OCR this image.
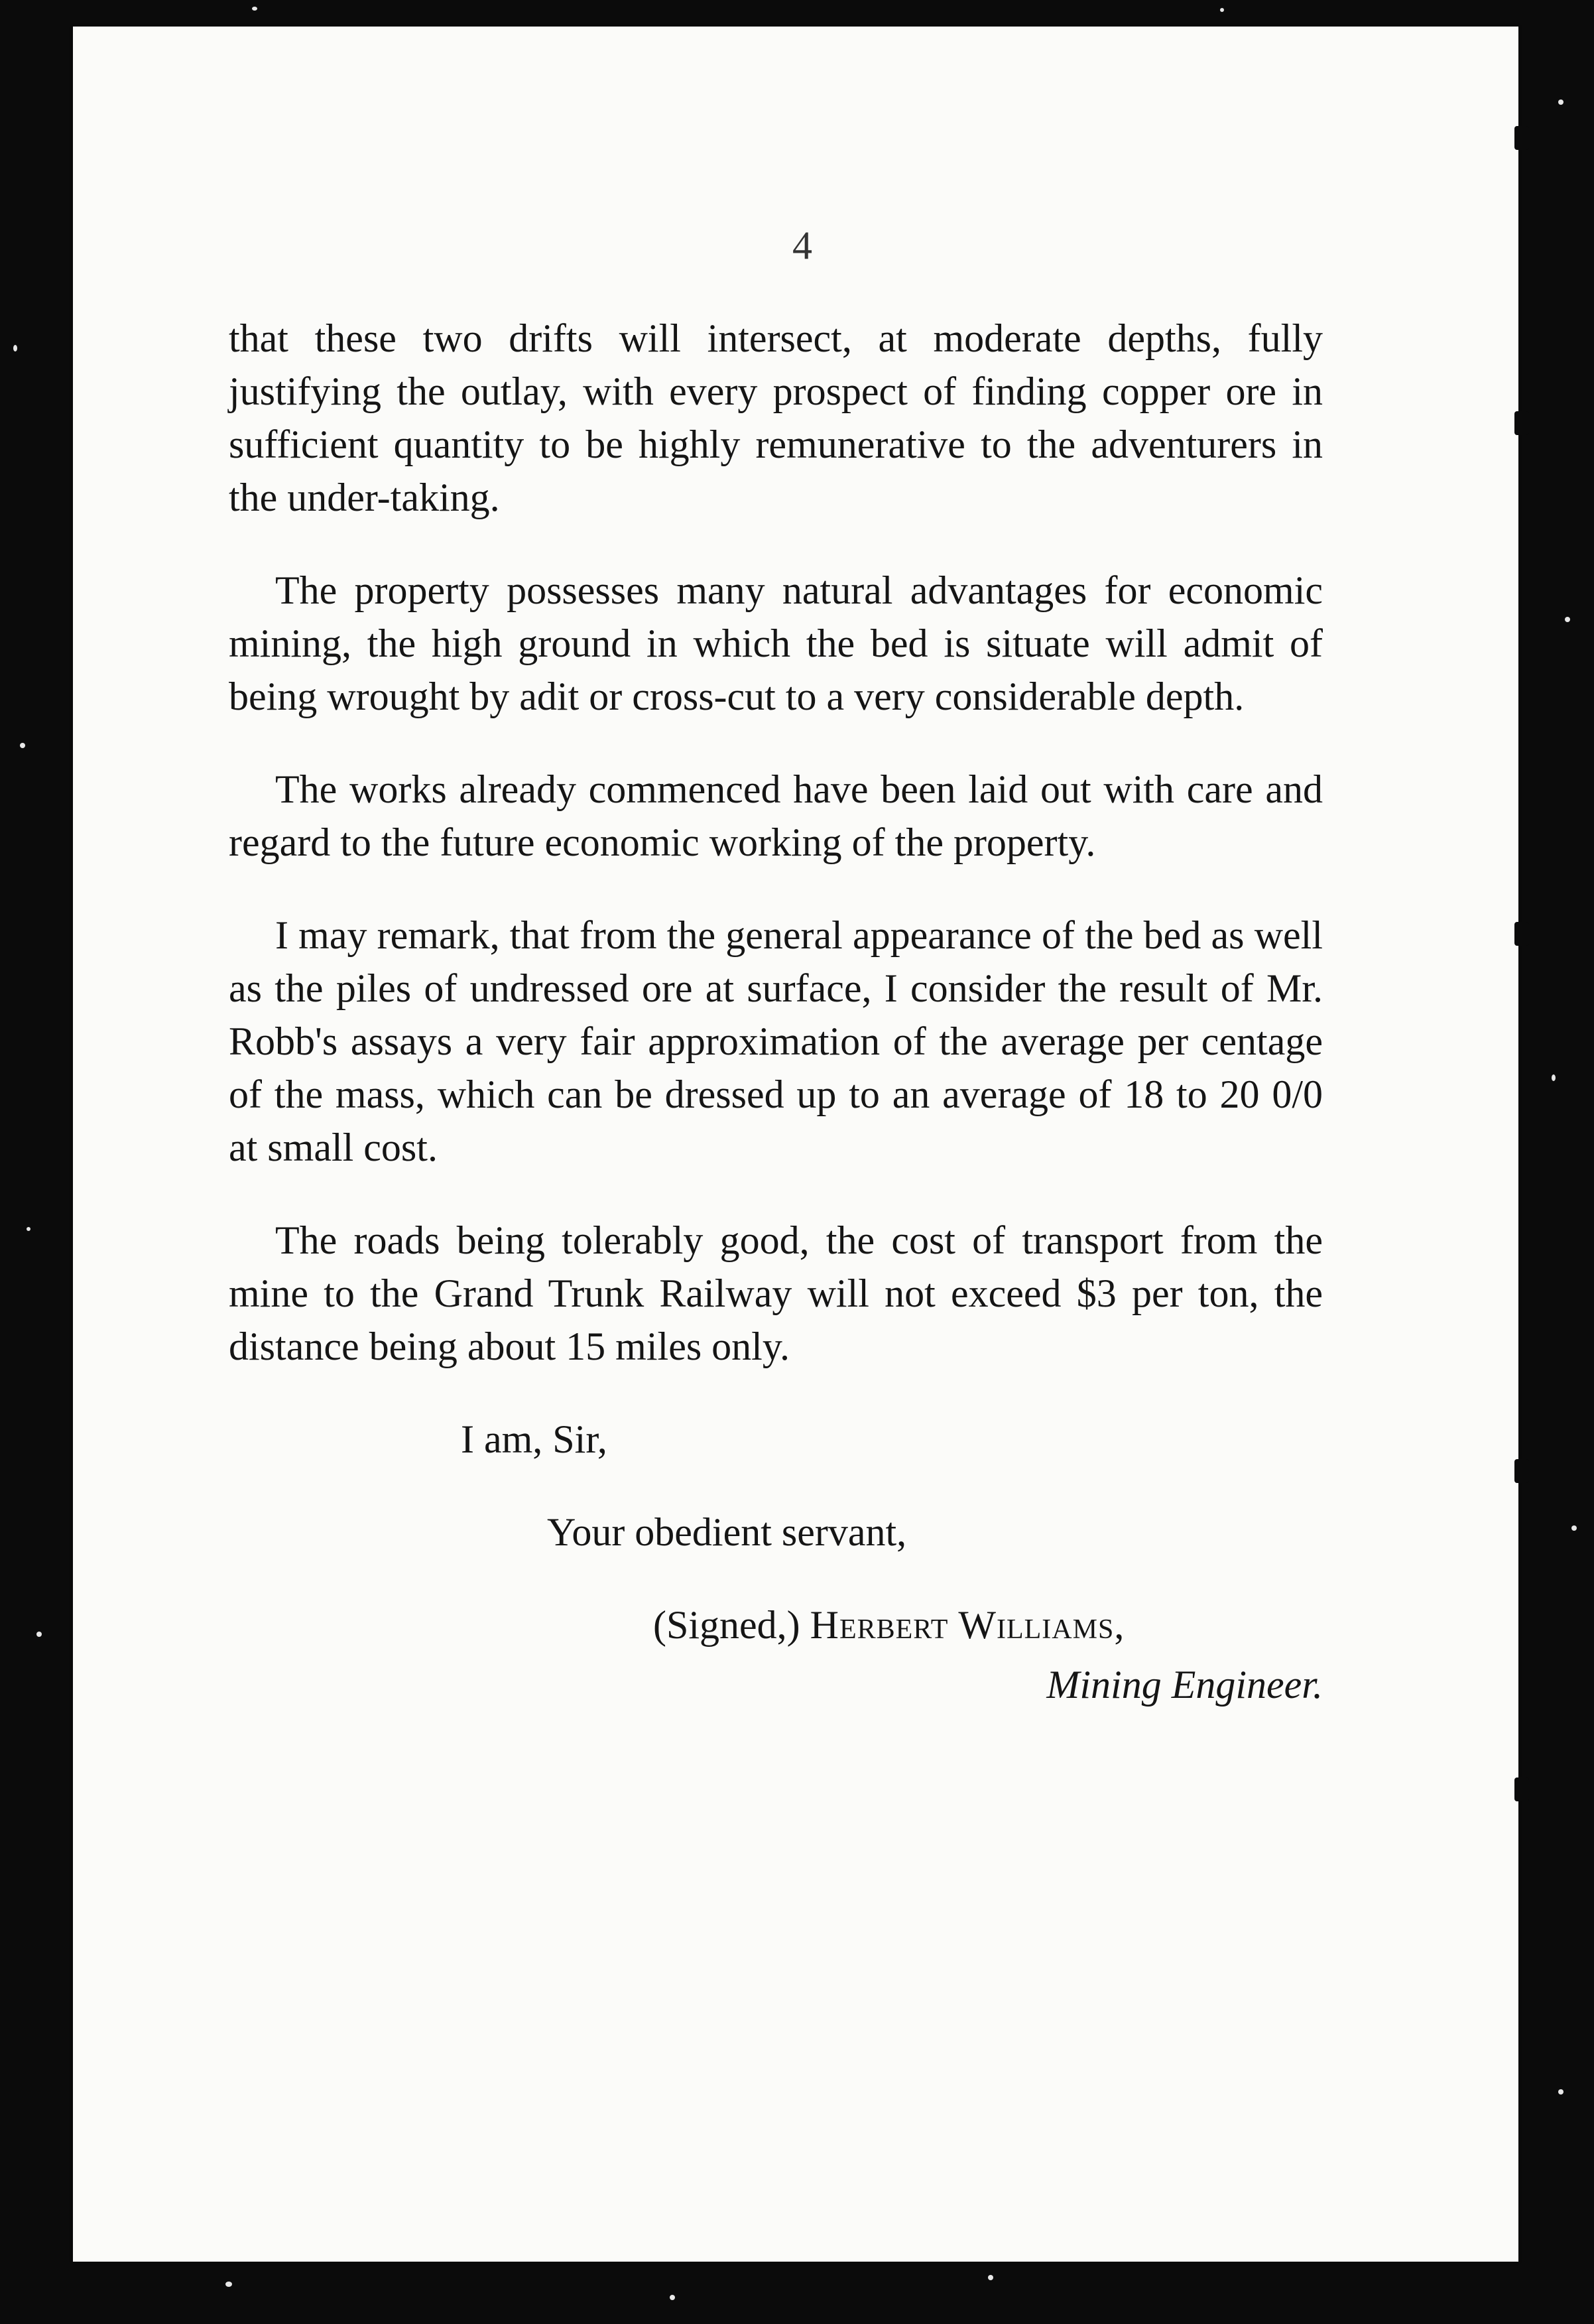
4

that these two drifts will intersect, at moderate depths, fully justifying the outlay, with every prospect of finding copper ore in sufficient quantity to be highly remunerative to the adventurers in the under-taking.

The property possesses many natural advantages for economic mining, the high ground in which the bed is situate will admit of being wrought by adit or cross-cut to a very considerable depth.

The works already commenced have been laid out with care and regard to the future economic working of the property.

I may remark, that from the general appearance of the bed as well as the piles of undressed ore at surface, I consider the result of Mr. Robb's assays a very fair approximation of the average per centage of the mass, which can be dressed up to an average of 18 to 20 0/0 at small cost.

The roads being tolerably good, the cost of transport from the mine to the Grand Trunk Railway will not exceed $3 per ton, the distance being about 15 miles only.

I am, Sir,
Your obedient servant,
(Signed,) Herbert Williams,
Mining Engineer.
